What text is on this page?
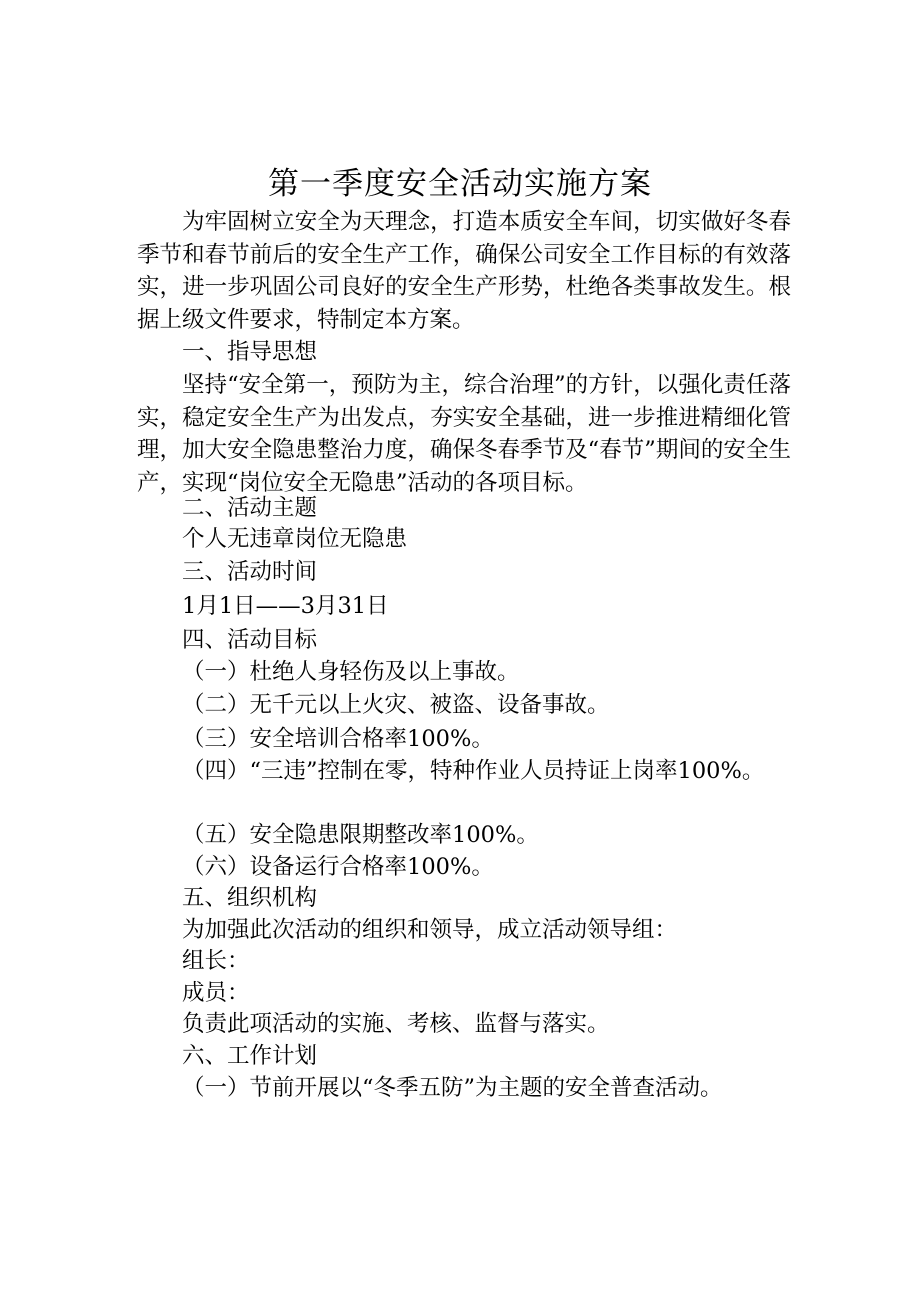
第一季度安全活动实施方案
为牢固树立安全为天理念，打造本质安全车间，切实做好冬春季节和春节前后的安全生产工作，确保公司安全工作目标的有效落实，进一步巩固公司良好的安全生产形势，杜绝各类事故发生。根据上级文件要求，特制定本方案。
一、指导思想
坚持“安全第一，预防为主，综合治理”的方针，以强化责任落实，稳定安全生产为出发点，夯实安全基础，进一步推进精细化管理，加大安全隐患整治力度，确保冬春季节及“春节”期间的安全生产，实现“岗位安全无隐患”活动的各项目标。
二、活动主题
个人无违章岗位无隐患
三、活动时间
1月1日——3月31日
四、活动目标
（一）杜绝人身轻伤及以上事故。
（二）无千元以上火灾、被盗、设备事故。
（三）安全培训合格率100%。
（四）“三违”控制在零，特种作业人员持证上岗率100%。
（五）安全隐患限期整改率100%。
（六）设备运行合格率100%。
五、组织机构
为加强此次活动的组织和领导，成立活动领导组：
组长：
成员：
负责此项活动的实施、考核、监督与落实。
六、工作计划
（一）节前开展以“冬季五防”为主题的安全普查活动。
